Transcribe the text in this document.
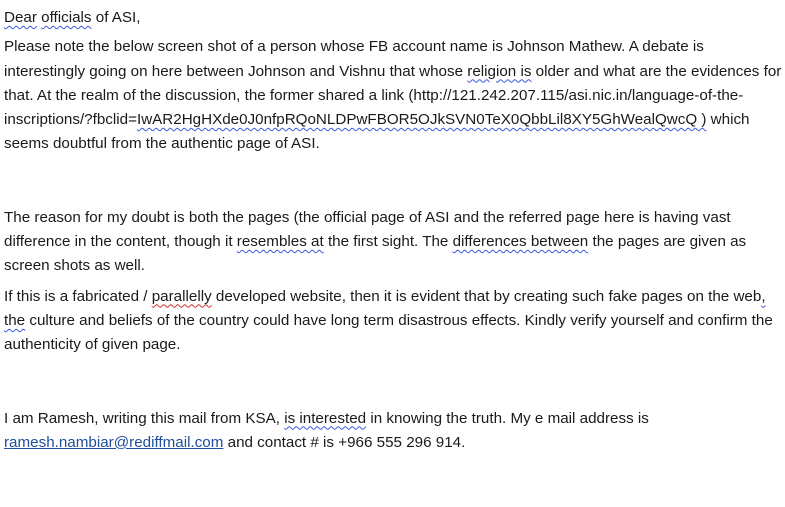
Dear officials of ASI,

Please note the below screen shot of a person whose FB account name is Johnson Mathew. A debate is interestingly going on here between Johnson and Vishnu that whose religion is older and what are the evidences for that. At the realm of the discussion, the former shared a link (http://121.242.207.115/asi.nic.in/language-of-the-inscriptions/?fbclid=IwAR2HgHXde0J0nfpRQoNLDPwFBOR5OJkSVN0TeX0QbbLil8XY5GhWealQwcQ ) which seems doubtful from the authentic page of ASI.

The reason for my doubt is both the pages (the official page of ASI and the referred page here is having vast difference in the content, though it resembles at the first sight. The differences between the pages are given as screen shots as well.

If this is a fabricated / parallelly developed website, then it is evident that by creating such fake pages on the web, the culture and beliefs of the country could have long term disastrous effects. Kindly verify yourself and confirm the authenticity of given page.

I am Ramesh, writing this mail from KSA, is interested in knowing the truth. My e mail address is ramesh.nambiar@rediffmail.com and contact # is +966 555 296 914.
